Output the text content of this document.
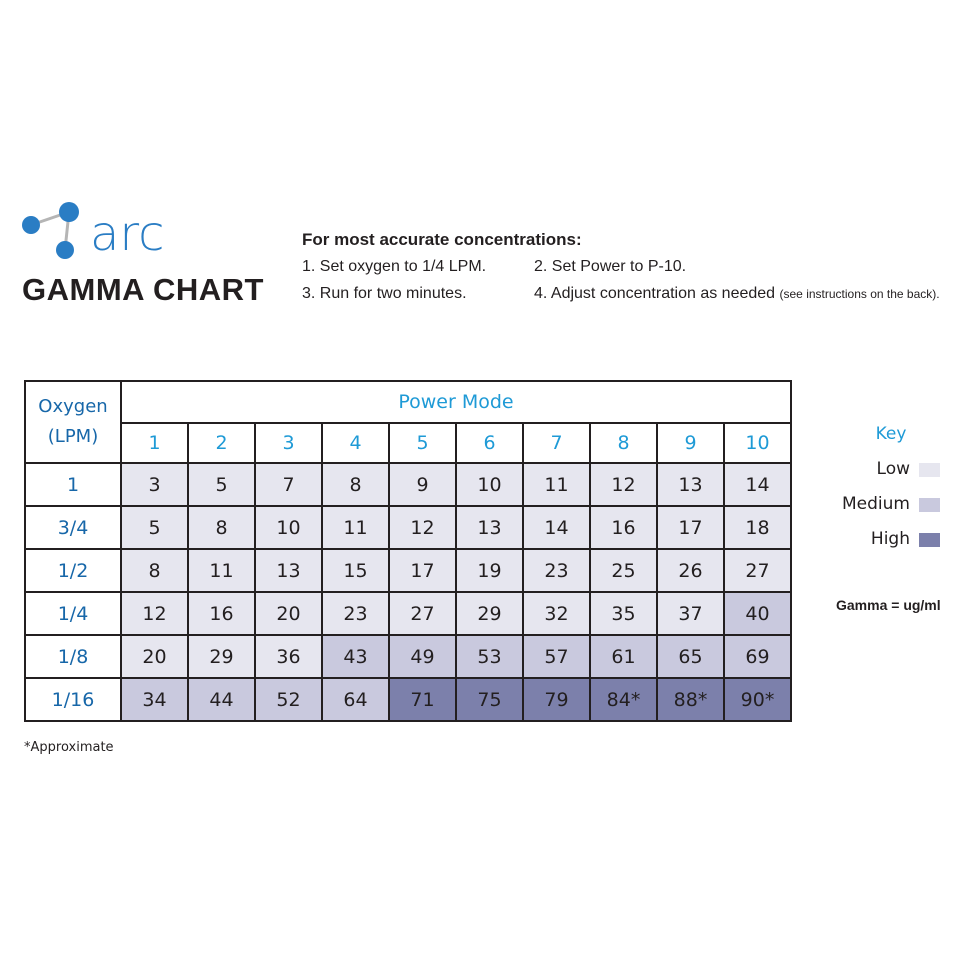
arc
GAMMA CHART
For most accurate concentrations:
1. Set oxygen to 1/4 LPM.	2. Set Power to P-10.
3. Run for two minutes.	4. Adjust concentration as needed (see instructions on the back).
Oxygen
(LPM)	Power Mode									
	1	2	3	4	5	6	7	8	9	10
1	3	5	7	8	9	10	11	12	13	14
3/4	5	8	10	11	12	13	14	16	17	18
1/2	8	11	13	15	17	19	23	25	26	27
1/4	12	16	20	23	27	29	32	35	37	40
1/8	20	29	36	43	49	53	57	61	65	69
1/16	34	44	52	64	71	75	79	84*	88*	90*
Key
Low
Medium
High
Gamma = ug/ml
*Approximate
